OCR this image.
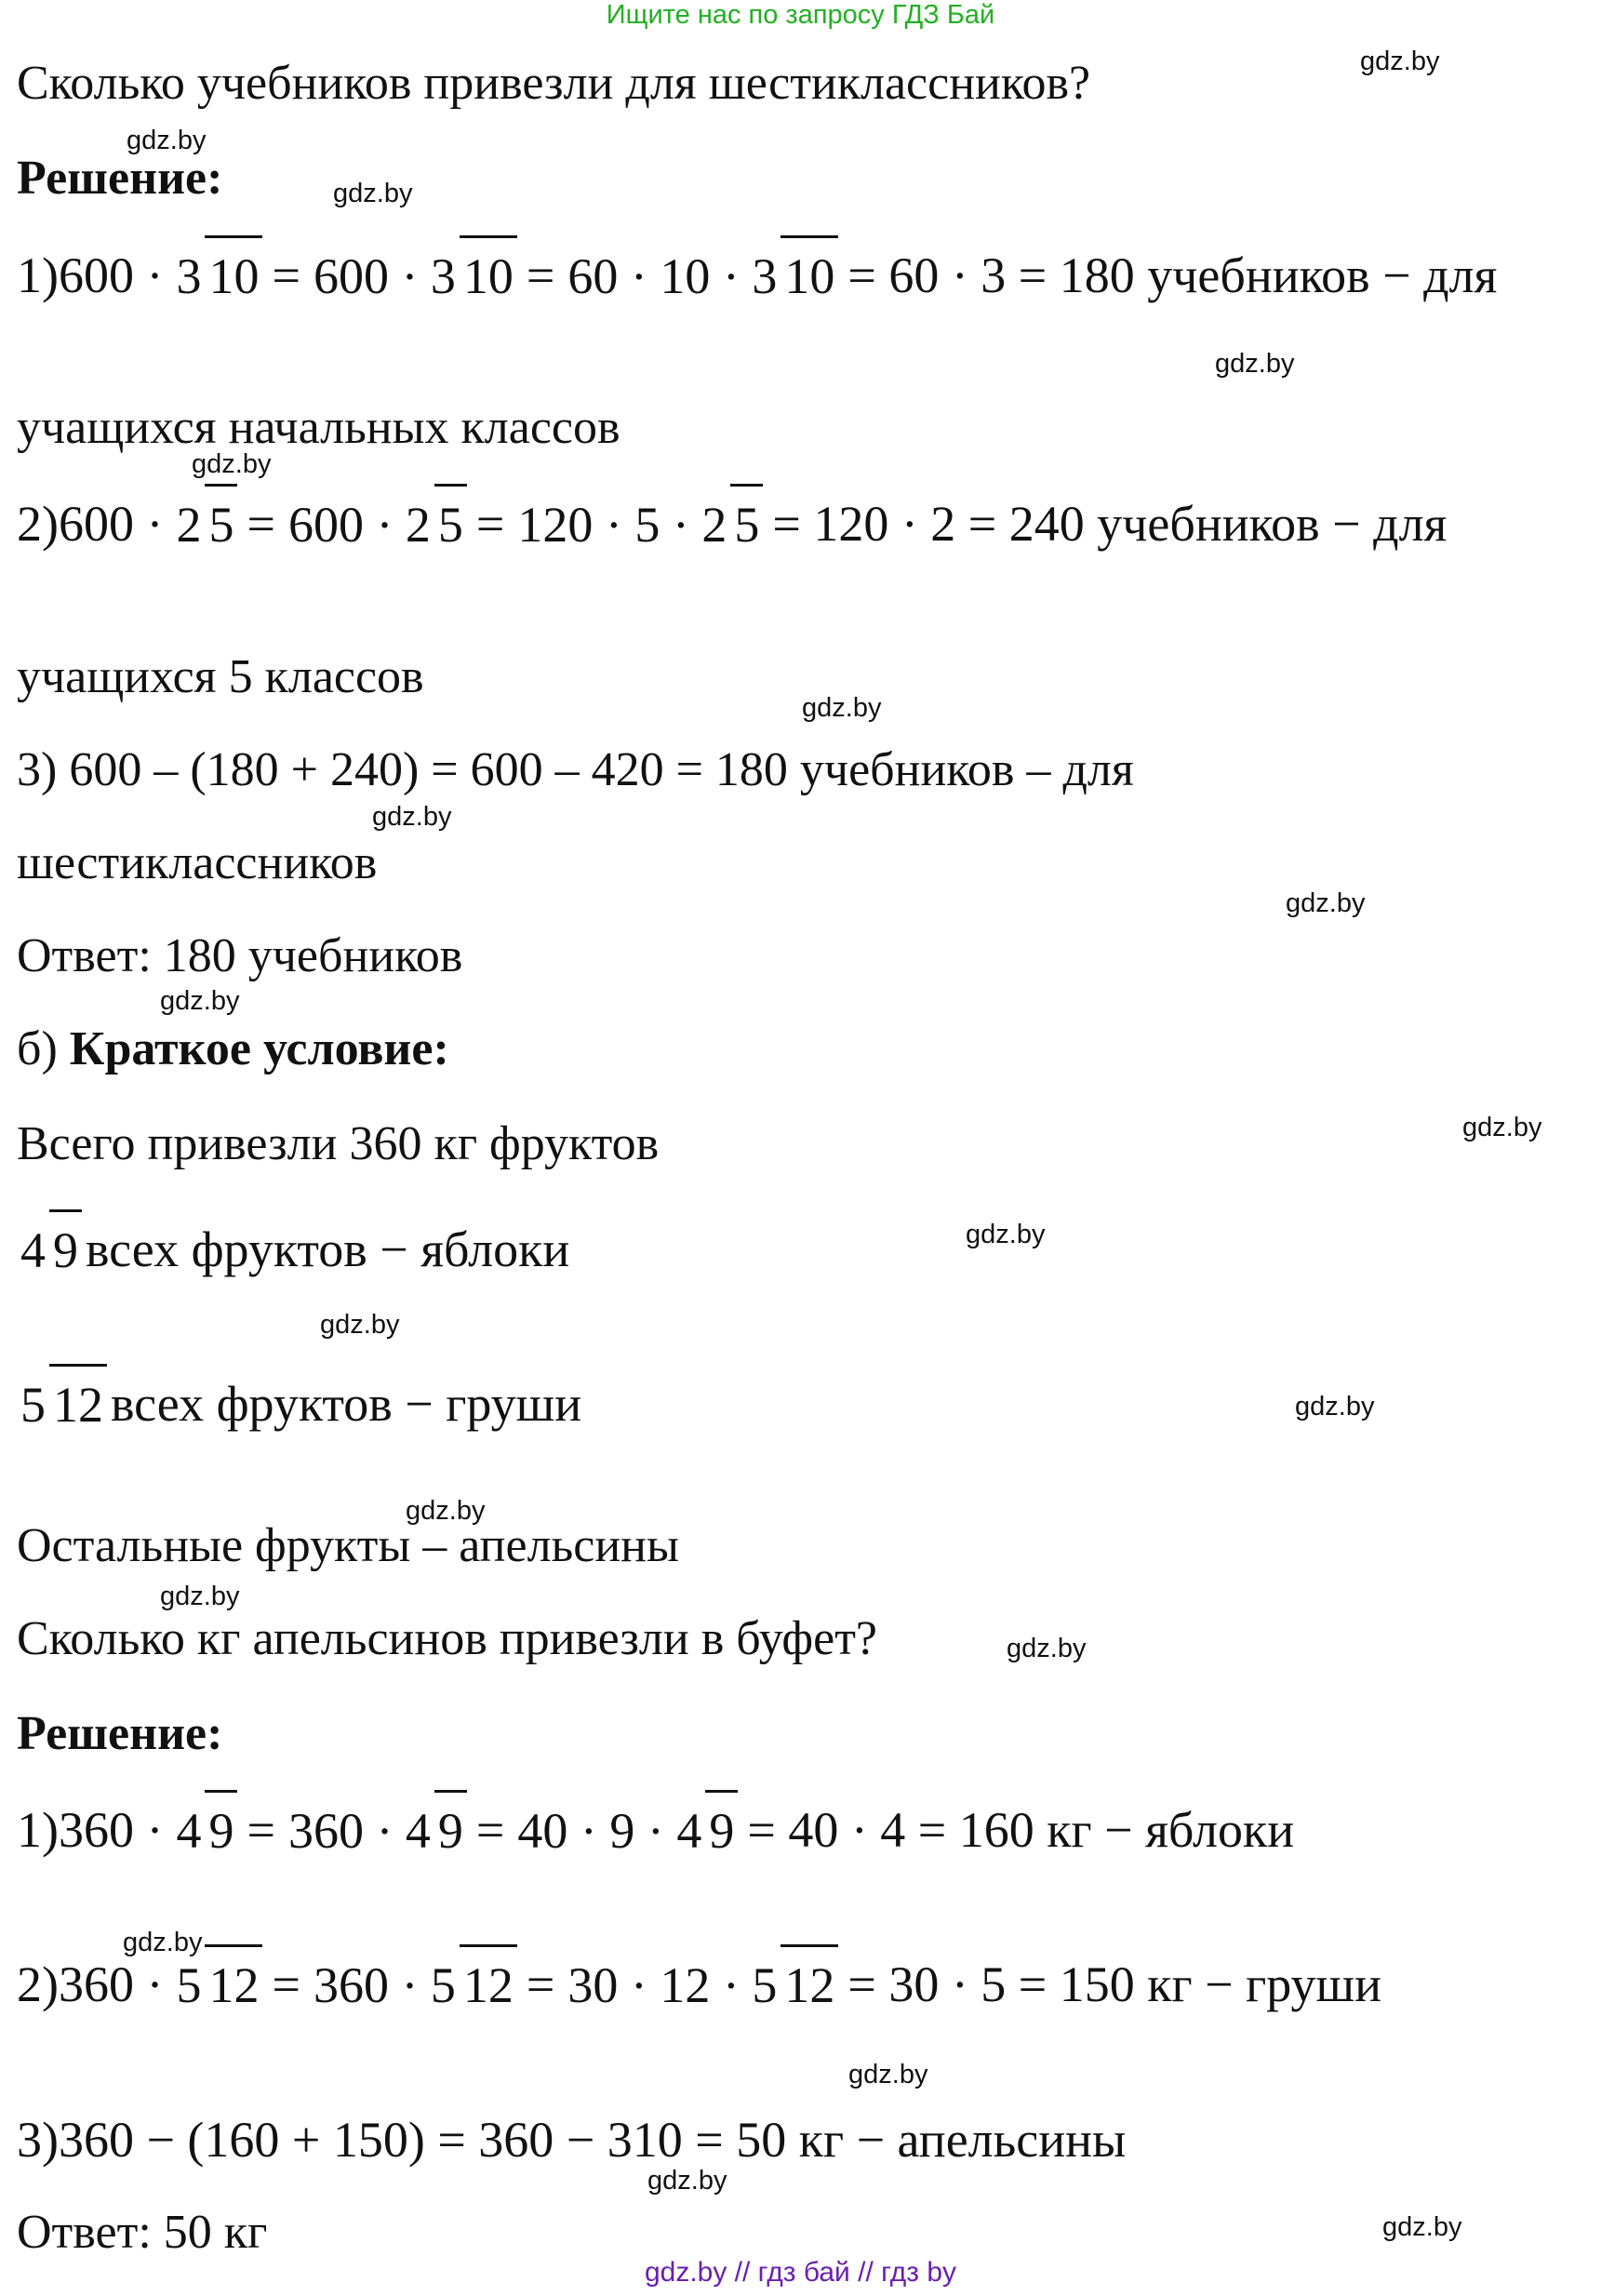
Ищите нас по запросу ГДЗ Бай
Сколько учебников привезли для шестиклассников?
Решение:
1)600 · 3 10 = 600 · 3 10 = 60 · 10 · 3 10 = 60 · 3 = 180 учебников − для
учащихся начальных классов
2)600 · 2 5 = 600 · 2 5 = 120 · 5 · 2 5 = 120 · 2 = 240 учебников − для
учащихся 5 классов
3) 600 – (180 + 240) = 600 – 420 = 180 учебников – для
шестиклассников
Ответ: 180 учебников
б) Краткое условие:
Всего привезли 360 кг фруктов
4 9 всех фруктов − яблоки
5 12 всех фруктов − груши
Остальные фрукты – апельсины
Сколько кг апельсинов привезли в буфет?
Решение:
1)360 · 4 9 = 360 · 4 9 = 40 · 9 · 4 9 = 40 · 4 = 160 кг − яблоки
2)360 · 5 12 = 360 · 5 12 = 30 · 12 · 5 12 = 30 · 5 = 150 кг − груши
3)360 − (160 + 150) = 360 − 310 = 50 кг − апельсины
Ответ: 50 кг
gdz.by
gdz.by
gdz.by
gdz.by
gdz.by
gdz.by
gdz.by
gdz.by
gdz.by
gdz.by
gdz.by
gdz.by
gdz.by
gdz.by
gdz.by
gdz.by
gdz.by
gdz.by
gdz.by
gdz.by
gdz.by // гдз бай // гдз by
